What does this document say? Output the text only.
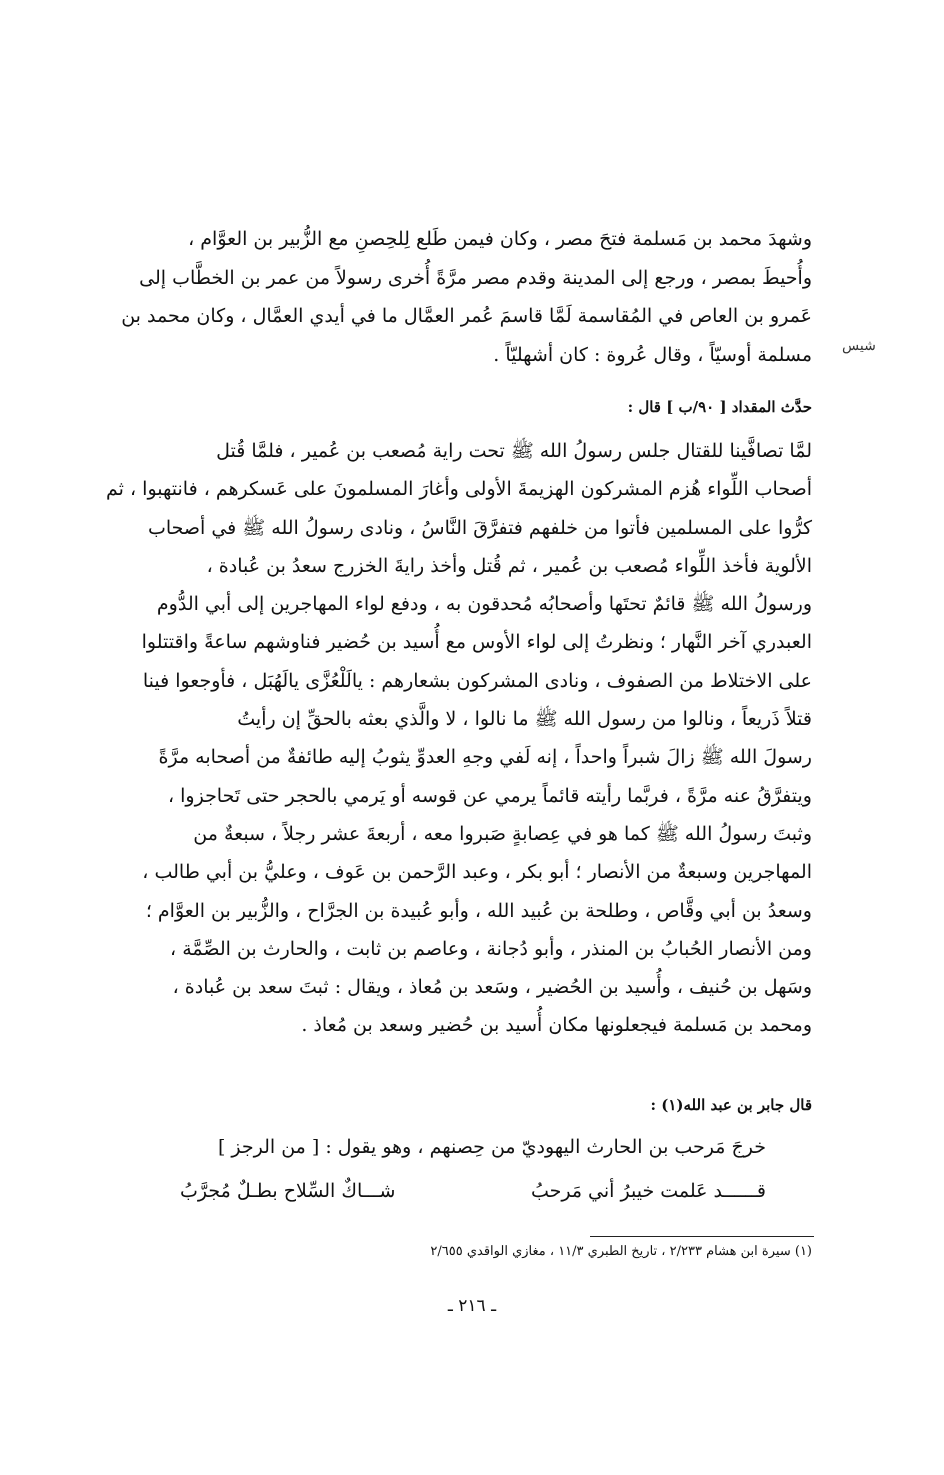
وشهدَ محمد بن مَسلمة فتحَ مصر ، وكان فيمن طَلع لِلحِصنِ مع الزُّبير بن العوَّام ،

وأُحيطَ بمصر ، ورجع إلى المدينة وقدم مصر مرَّةً أُخرى رسولاً من عمر بن الخطَّاب إلى

عَمرو بن العاص في المُقاسمة لَمَّا قاسمَ عُمر العمَّال ما في أيدي العمَّال ، وكان محمد بن

مسلمة أوسيّاً ، وقال عُروة : كان أشهليّاً . شيس
حدَّث المقداد [ ٩٠/ب ] قال :

لمَّا تصافَّينا للقتال جلس رسولُ الله ﷺ تحت راية مُصعب بن عُمير ، فلمَّا قُتل

أصحاب اللِّواء هُزم المشركون الهزيمةَ الأولى وأغارَ المسلمونَ على عَسكرهم ، فانتهبوا ، ثم

كرُّوا على المسلمين فأتوا من خلفهم فتفرَّقَ النَّاسُ ، ونادى رسولُ الله ﷺ في أصحاب

الألوية فأخذ اللِّواء مُصعب بن عُمير ، ثم قُتل وأخذ رايةَ الخزرج سعدُ بن عُبادة ،

ورسولُ الله ﷺ قائمٌ تحتَها وأصحابُه مُحدقون به ، ودفع لواء المهاجرين إلى أبي الدُّوم

العبدري آخر النَّهار ؛ ونظرتُ إلى لواء الأوس مع أُسيد بن حُضير فناوشهم ساعةً واقتتلوا

على الاختلاط من الصفوف ، ونادى المشركون بشعارهم : يالَلْعُزَّى يالَهُبَل ، فأوجعوا فينا

قتلاً ذَريعاً ، ونالوا من رسول الله ﷺ ما نالوا ، لا والَّذي بعثه بالحقِّ إن رأيتُ

رسولَ الله ﷺ زالَ شبراً واحداً ، إنه لَفي وجهِ العدوِّ يثوبُ إليه طائفةٌ من أصحابه مرَّةً

ويتفرَّقُ عنه مرَّةً ، فربَّما رأيته قائماً يرمي عن قوسه أو يَرمي بالحجر حتى تَحاجزوا ،

وثبتَ رسولُ الله ﷺ كما هو في عِصابةٍ صَبروا معه ، أربعةَ عشر رجلاً ، سبعةٌ من

المهاجرين وسبعةٌ من الأنصار ؛ أبو بكر ، وعبد الرَّحمن بن عَوف ، وعليُّ بن أبي طالب ،

وسعدُ بن أبي وقَّاص ، وطلحة بن عُبيد الله ، وأبو عُبيدة بن الجرَّاح ، والزُّبير بن العوَّام ؛

ومن الأنصار الحُبابُ بن المنذر ، وأبو دُجانة ، وعاصم بن ثابت ، والحارث بن الصِّمَّة ،

وسَهل بن حُنيف ، وأُسيد بن الحُضير ، وسَعد بن مُعاذ ، ويقال : ثبتَ سعد بن عُبادة ،

ومحمد بن مَسلمة فيجعلونها مكان أُسيد بن حُضير وسعد بن مُعاذ .

قال جابر بن عبد الله(١) :
خرجَ مَرحب بن الحارث اليهوديّ من حِصنهم ، وهو يقول : [ من الرجز ]
قــــــد عَلمت خيبرُ أني مَرحبُ
شـــاكٌ السِّلاح بطـلٌ مُجرَّبُ
(١) سيرة ابن هشام ٢/٢٣٣ ، تاريخ الطبري ١١/٣ ، مغازي الواقدي ٢/٦٥٥
ـ ٢١٦ ـ
